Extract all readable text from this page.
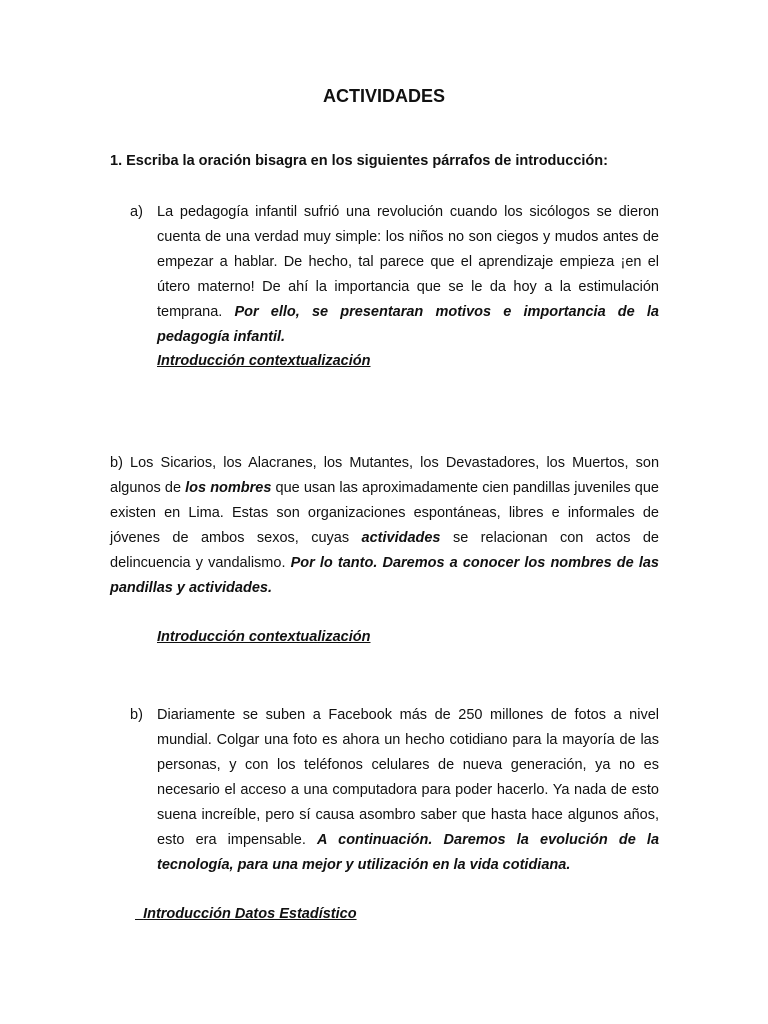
ACTIVIDADES
1. Escriba la oración bisagra en los siguientes párrafos de introducción:
a) La pedagogía infantil sufrió una revolución cuando los sicólogos se dieron cuenta de una verdad muy simple: los niños no son ciegos y mudos antes de empezar a hablar. De hecho, tal parece que el aprendizaje empieza ¡en el útero materno! De ahí la importancia que se le da hoy a la estimulación temprana. Por ello, se presentaran motivos e importancia de la pedagogía infantil.
Introducción contextualización
b) Los Sicarios, los Alacranes, los Mutantes, los Devastadores, los Muertos, son algunos de los nombres que usan las aproximadamente cien pandillas juveniles que existen en Lima. Estas son organizaciones espontáneas, libres e informales de jóvenes de ambos sexos, cuyas actividades se relacionan con actos de delincuencia y vandalismo. Por lo tanto. Daremos a conocer los nombres de las pandillas y actividades.
Introducción contextualización
b) Diariamente se suben a Facebook más de 250 millones de fotos a nivel mundial. Colgar una foto es ahora un hecho cotidiano para la mayoría de las personas, y con los teléfonos celulares de nueva generación, ya no es necesario el acceso a una computadora para poder hacerlo. Ya nada de esto suena increíble, pero sí causa asombro saber que hasta hace algunos años, esto era impensable. A continuación. Daremos la evolución de la tecnología, para una mejor y utilización en la vida cotidiana.
Introducción Datos Estadístico
